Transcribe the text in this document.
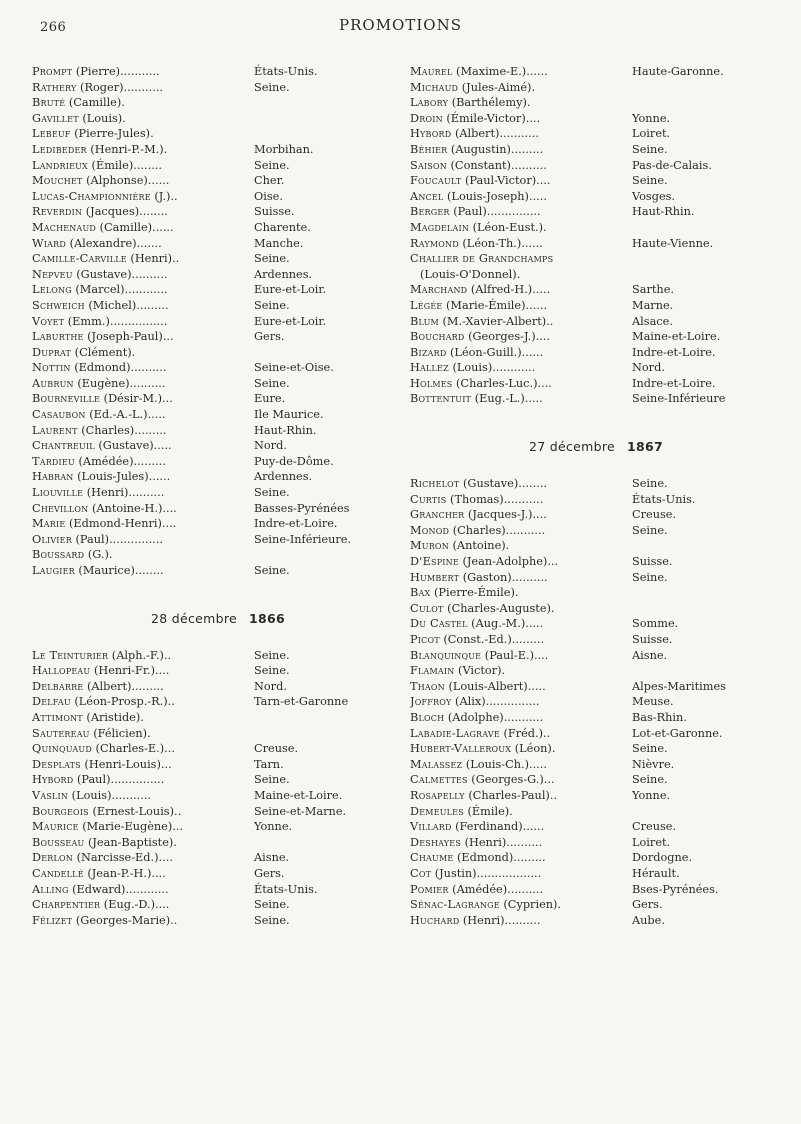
266	PROMOTIONS
Prompt (Pierre)...........	États-Unis.
Rathery (Roger)...........	Seine.
Bruté (Camille).
Gavillet (Louis).
Lebeuf (Pierre-Jules).
Ledibeder (Henri-P.-M.).	Morbihan.
Landrieux (Émile)........	Seine.
Mouchet (Alphonse)......	Cher.
Lucas-Championnière (J.)..	Oise.
Reverdin (Jacques)........	Suisse.
Machenaud (Camille)......	Charente.
Wiard (Alexandre).......	Manche.
Camille-Carville (Henri)..	Seine.
Nepveu (Gustave)..........	Ardennes.
Lelong (Marcel)............	Eure-et-Loir.
Schweich (Michel).........	Seine.
Voyet (Emm.)................	Eure-et-Loir.
Laburthe (Joseph-Paul)...	Gers.
Duprat (Clément).
Nottin (Edmond)..........	Seine-et-Oise.
Aubrun (Eugène)..........	Seine.
Bourneville (Désir-M.)...	Eure.
Casaubon (Ed.-A.-L.).....	Ile Maurice.
Laurent (Charles).........	Haut-Rhin.
Chantreuil (Gustave).....	Nord.
Tardieu (Amédée).........	Puy-de-Dôme.
Habran (Louis-Jules)......	Ardennes.
Liouville (Henri)..........	Seine.
Chevillon (Antoine-H.)....	Basses-Pyrénées
Marie (Edmond-Henri)....	Indre-et-Loire.
Olivier (Paul)...............	Seine-Inférieure.
Boussard (G.).
Laugier (Maurice)........	Seine.
28 décembre 1866
Le Teinturier (Alph.-F.)..	Seine.
Hallopeau (Henri-Fr.)....	Seine.
Delbarre (Albert).........	Nord.
Delfau (Léon-Prosp.-R.)..	Tarn-et-Garonne
Attimont (Aristide).
Sautereau (Félicien).
Quinquaud (Charles-E.)...	Creuse.
Desplats (Henri-Louis)...	Tarn.
Hybord (Paul)...............	Seine.
Vaslin (Louis)...........	Maine-et-Loire.
Bourgeois (Ernest-Louis)..	Seine-et-Marne.
Maurice (Marie-Eugène)...	Yonne.
Bousseau (Jean-Baptiste).
Derlon (Narcisse-Ed.)....	Aisne.
Candellé (Jean-P.-H.)....	Gers.
Alling (Edward)............	États-Unis.
Charpentier (Eug.-D.)....	Seine.
Félizet (Georges-Marie)..	Seine.
Maurel (Maxime-E.)......	Haute-Garonne.
Michaud (Jules-Aimé).
Labory (Barthélemy).
Droin (Émile-Victor)....	Yonne.
Hybord (Albert)...........	Loiret.
Béhier (Augustin).........	Seine.
Saison (Constant)..........	Pas-de-Calais.
Foucault (Paul-Victor)....	Seine.
Ancel (Louis-Joseph).....	Vosges.
Berger (Paul)...............	Haut-Rhin.
Magdelain (Léon-Eust.).
Raymond (Léon-Th.)......	Haute-Vienne.
Challier de Grandchamps
(Louis-O'Donnel).
Marchand (Alfred-H.).....	Sarthe.
Légée (Marie-Émile)......	Marne.
Blum (M.-Xavier-Albert)..	Alsace.
Bouchard (Georges-J.)....	Maine-et-Loire.
Bizard (Léon-Guill.)......	Indre-et-Loire.
Hallez (Louis)............	Nord.
Holmes (Charles-Luc.)....	Indre-et-Loire.
Bottentuit (Eug.-L.).....	Seine-Inférieure
27 décembre 1867
Richelot (Gustave)........	Seine.
Curtis (Thomas)...........	États-Unis.
Grancher (Jacques-J.)....	Creuse.
Monod (Charles)...........	Seine.
Muron (Antoine).
D'Espine (Jean-Adolphe)...	Suisse.
Humbert (Gaston)..........	Seine.
Bax (Pierre-Émile).
Culot (Charles-Auguste).
Du Castel (Aug.-M.).....	Somme.
Picot (Const.-Ed.).........	Suisse.
Blanquinque (Paul-E.)....	Aisne.
Flamain (Victor).
Thaon (Louis-Albert).....	Alpes-Maritimes
Joffroy (Alix)...............	Meuse.
Bloch (Adolphe)...........	Bas-Rhin.
Labadie-Lagrave (Fréd.)..	Lot-et-Garonne.
Hubert-Valleroux (Léon).	Seine.
Malassez (Louis-Ch.).....	Nièvre.
Calmettes (Georges-G.)...	Seine.
Rosapelly (Charles-Paul)..	Yonne.
Demeules (Émile).
Villard (Ferdinand)......	Creuse.
Deshayes (Henri)..........	Loiret.
Chaume (Edmond).........	Dordogne.
Cot (Justin)..................	Hérault.
Pomier (Amédée)..........	Bses-Pyrénées.
Sénac-Lagrange (Cyprien).	Gers.
Huchard (Henri)..........	Aube.
